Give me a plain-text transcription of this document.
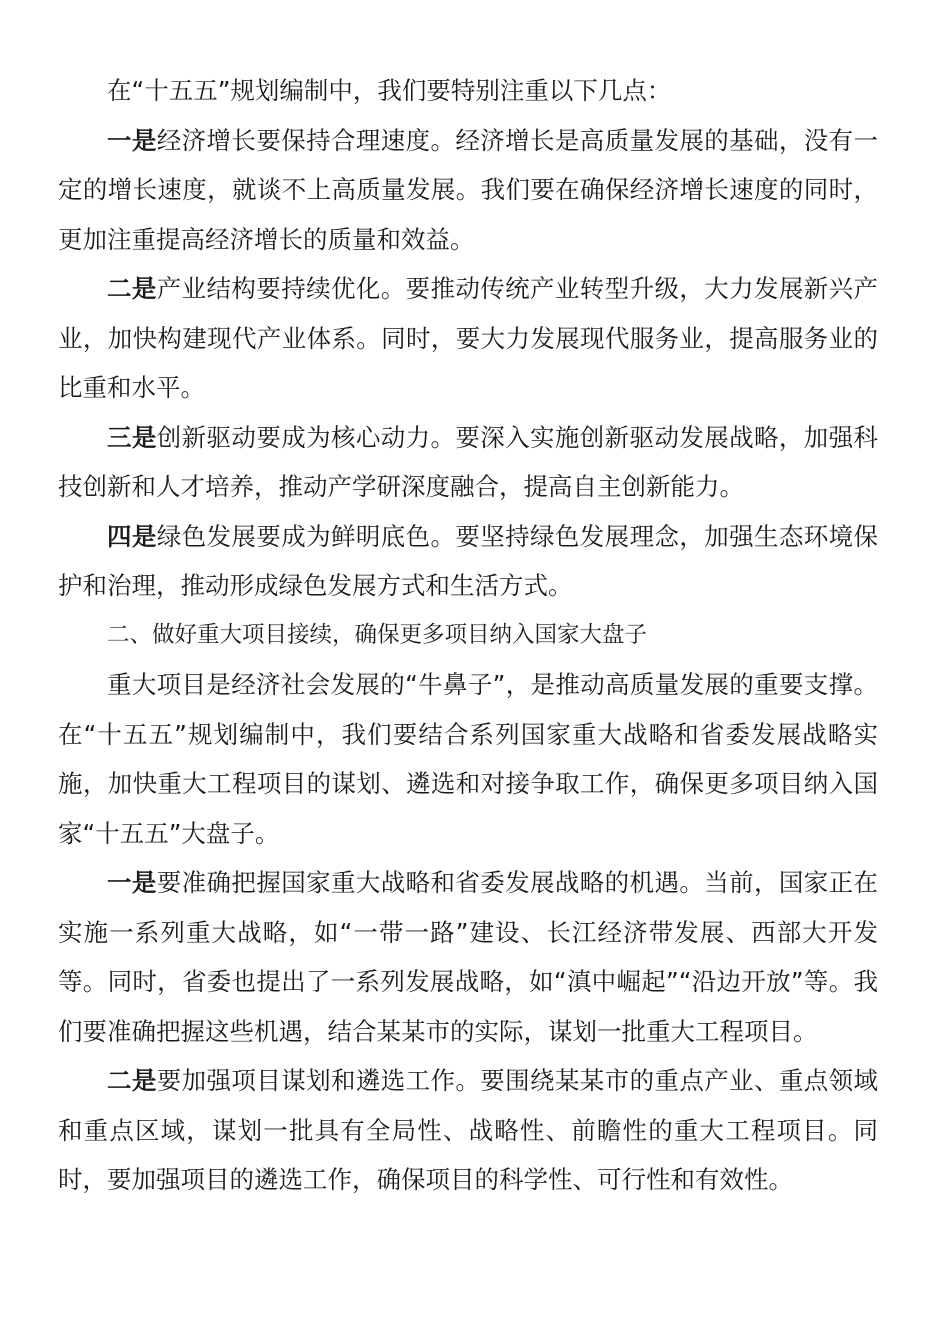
在“十五五”规划编制中，我们要特别注重以下几点：

一是经济增长要保持合理速度。经济增长是高质量发展的基础，没有一定的增长速度，就谈不上高质量发展。我们要在确保经济增长速度的同时，更加注重提高经济增长的质量和效益。

二是产业结构要持续优化。要推动传统产业转型升级，大力发展新兴产业，加快构建现代产业体系。同时，要大力发展现代服务业，提高服务业的比重和水平。

三是创新驱动要成为核心动力。要深入实施创新驱动发展战略，加强科技创新和人才培养，推动产学研深度融合，提高自主创新能力。

四是绿色发展要成为鲜明底色。要坚持绿色发展理念，加强生态环境保护和治理，推动形成绿色发展方式和生活方式。

二、做好重大项目接续，确保更多项目纳入国家大盘子

重大项目是经济社会发展的“牛鼻子”，是推动高质量发展的重要支撑。在“十五五”规划编制中，我们要结合系列国家重大战略和省委发展战略实施，加快重大工程项目的谋划、遴选和对接争取工作，确保更多项目纳入国家“十五五”大盘子。

一是要准确把握国家重大战略和省委发展战略的机遇。当前，国家正在实施一系列重大战略，如“一带一路”建设、长江经济带发展、西部大开发等。同时，省委也提出了一系列发展战略，如“滇中崛起”“沿边开放”等。我们要准确把握这些机遇，结合某某市的实际，谋划一批重大工程项目。

二是要加强项目谋划和遴选工作。要围绕某某市的重点产业、重点领域和重点区域，谋划一批具有全局性、战略性、前瞻性的重大工程项目。同时，要加强项目的遴选工作，确保项目的科学性、可行性和有效性。
